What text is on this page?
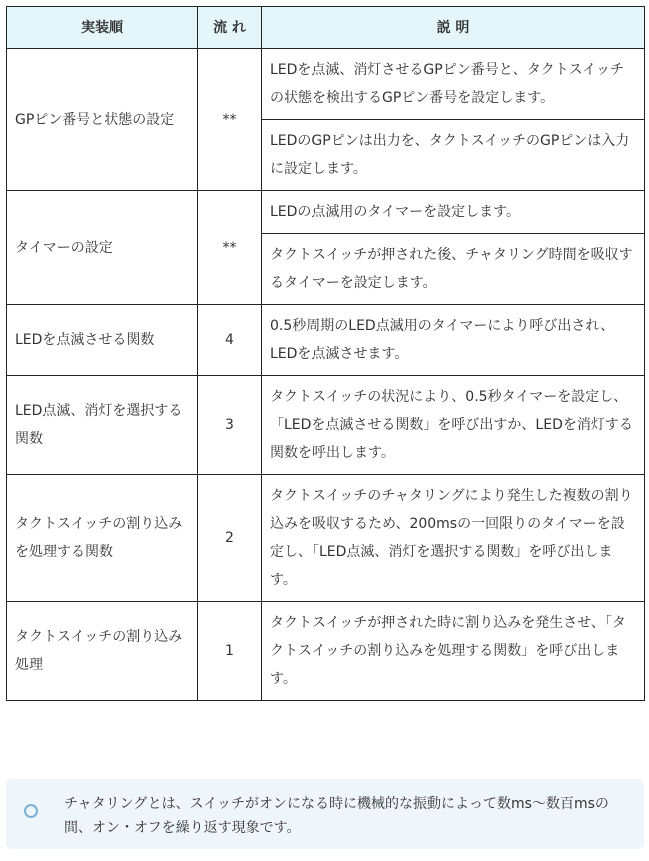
実装順	流 れ	説 明
GPピン番号と状態の設定	**	LEDを点滅、消灯させるGPピン番号と、タクトスイッチの状態を検出するGPピン番号を設定します。
		LEDのGPピンは出力を、タクトスイッチのGPピンは入力に設定します。
タイマーの設定	**	LEDの点滅用のタイマーを設定します。
		タクトスイッチが押された後、チャタリング時間を吸収するタイマーを設定します。
LEDを点滅させる関数	4	0.5秒周期のLED点滅用のタイマーにより呼び出され、LEDを点滅させます。
LED点滅、消灯を選択する関数	3	タクトスイッチの状況により、0.5秒タイマーを設定し、「LEDを点滅させる関数」を呼び出すか、LEDを消灯する関数を呼出します。
タクトスイッチの割り込みを処理する関数	2	タクトスイッチのチャタリングにより発生した複数の割り込みを吸収するため、200msの一回限りのタイマーを設定し、「LED点滅、消灯を選択する関数」を呼び出します。
タクトスイッチの割り込み処理	1	タクトスイッチが押された時に割り込みを発生させ、「タクトスイッチの割り込みを処理する関数」を呼び出します。
チャタリングとは、スイッチがオンになる時に機械的な振動によって数ms～数百msの間、オン・オフを繰り返す現象です。
